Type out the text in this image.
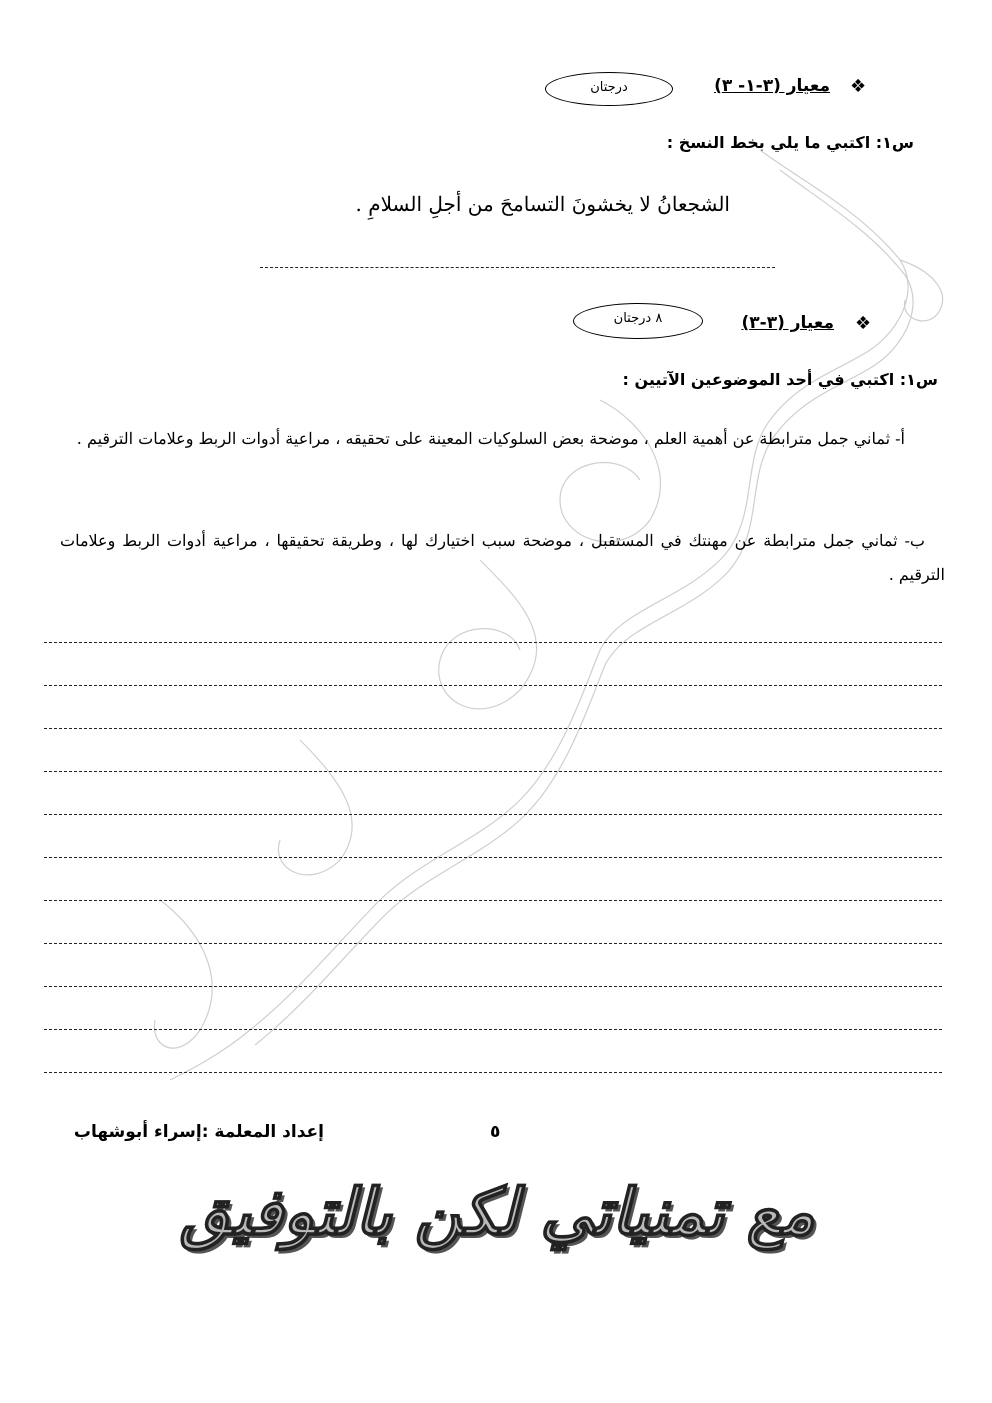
❖
معيار (٣-١- ٣)
درجتان
س١: اكتبي ما يلي بخط النسخ :
الشجعانُ لا يخشونَ التسامحَ من أجلِ السلامِ .
❖
معيار (٣-٣)
٨ درجتان
س١: اكتبي في أحد الموضوعين الآتيين :
أ- ثماني جمل مترابطة عن أهمية العلم ، موضحة بعض السلوكيات المعينة على تحقيقه ، مراعية أدوات الربط وعلامات الترقيم .
ب- ثماني جمل مترابطة عن مهنتك في المستقبل ، موضحة سبب اختيارك لها ، وطريقة تحقيقها ، مراعية أدوات الربط وعلامات الترقيم .
إعداد المعلمة :إسراء أبوشهاب	٥
مع تمنياتي لكن بالتوفيق
